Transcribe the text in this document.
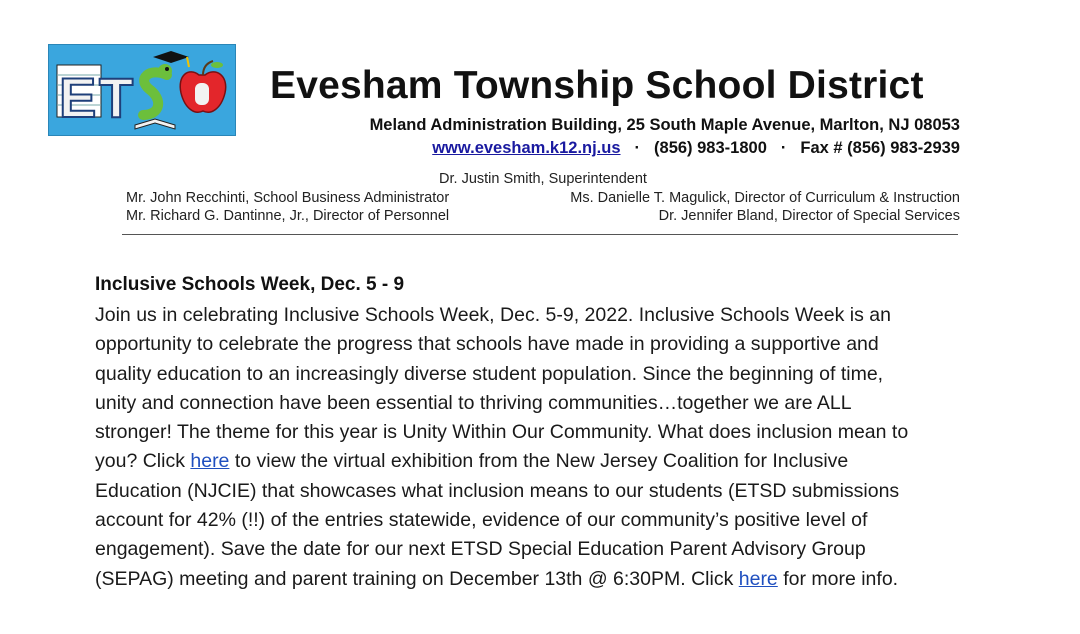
E T	Evesham Township School District
Meland Administration Building, 25 South Maple Avenue, Marlton, NJ 08053
www.evesham.k12.nj.us · (856) 983-1800 · Fax # (856) 983-2939
Dr. Justin Smith, Superintendent
Mr. John Recchinti, School Business Administrator
Mr. Richard G. Dantinne, Jr., Director of Personnel
Ms. Danielle T. Magulick, Director of Curriculum & Instruction
Dr. Jennifer Bland, Director of Special Services
Inclusive Schools Week, Dec. 5 - 9
Join us in celebrating Inclusive Schools Week, Dec. 5-9, 2022. Inclusive Schools Week is an
opportunity to celebrate the progress that schools have made in providing a supportive and
quality education to an increasingly diverse student population. Since the beginning of time,
unity and connection have been essential to thriving communities…together we are ALL
stronger! The theme for this year is Unity Within Our Community. What does inclusion mean to
you? Click here to view the virtual exhibition from the New Jersey Coalition for Inclusive
Education (NJCIE) that showcases what inclusion means to our students (ETSD submissions
account for 42% (!!) of the entries statewide, evidence of our community’s positive level of
engagement). Save the date for our next ETSD Special Education Parent Advisory Group
(SEPAG) meeting and parent training on December 13th @ 6:30PM. Click here for more info.
